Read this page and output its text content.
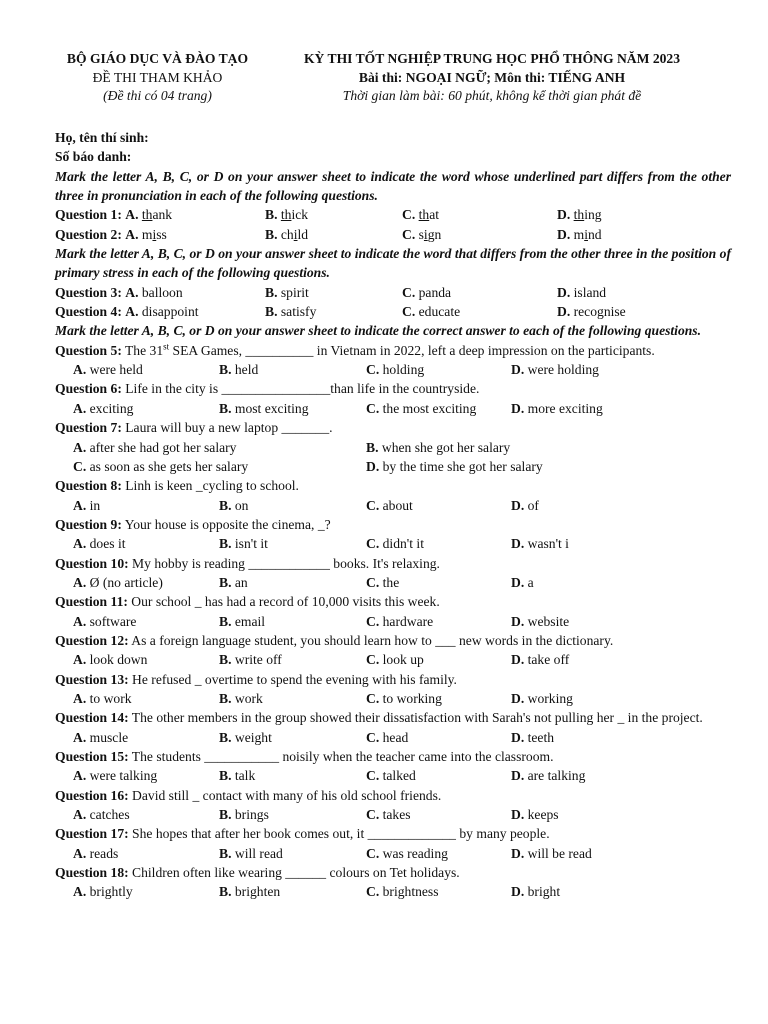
BỘ GIÁO DỤC VÀ ĐÀO TẠO
ĐỀ THI THAM KHẢO
(Đề thi có 04 trang)
KỲ THI TỐT NGHIỆP TRUNG HỌC PHỔ THÔNG NĂM 2023
Bài thi: NGOẠI NGỮ; Môn thi: TIẾNG ANH
Thời gian làm bài: 60 phút, không kể thời gian phát đề
Họ, tên thí sinh:
Số báo danh:
Mark the letter A, B, C, or D on your answer sheet to indicate the word whose underlined part differs from the other three in pronunciation in each of the following questions.
Question 1: A. thank	B. thick	C. that	D. thing
Question 2: A. miss	B. child	C. sign	D. mind
Mark the letter A, B, C, or D on your answer sheet to indicate the word that differs from the other three in the position of primary stress in each of the following questions.
Question 3: A. balloon	B. spirit	C. panda	D. island
Question 4: A. disappoint	B. satisfy	C. educate	D. recognise
Mark the letter A, B, C, or D on your answer sheet to indicate the correct answer to each of the following questions.
Question 5: The 31st SEA Games, __________ in Vietnam in 2022, left a deep impression on the participants.
A. were held	B. held	C. holding	D. were holding
Question 6: Life in the city is ________________than life in the countryside.
A. exciting	B. most exciting	C. the most exciting	D. more exciting
Question 7: Laura will buy a new laptop _______.
A. after she had got her salary	B. when she got her salary
C. as soon as she gets her salary	D. by the time she got her salary
Question 8: Linh is keen _cycling to school.
A. in	B. on	C. about	D. of
Question 9: Your house is opposite the cinema, _?
A. does it	B. isn't it	C. didn't it	D. wasn't i
Question 10: My hobby is reading ____________ books. It's relaxing.
A. Ø (no article)	B. an	C. the	D. a
Question 11: Our school _ has had a record of 10,000 visits this week.
A. software	B. email	C. hardware	D. website
Question 12: As a foreign language student, you should learn how to ___ new words in the dictionary.
A. look down	B. write off	C. look up	D. take off
Question 13: He refused _ overtime to spend the evening with his family.
A. to work	B. work	C. to working	D. working
Question 14: The other members in the group showed their dissatisfaction with Sarah's not pulling her _ in the project.
A. muscle	B. weight	C. head	D. teeth
Question 15: The students ___________ noisily when the teacher came into the classroom.
A. were talking	B. talk	C. talked	D. are talking
Question 16: David still _ contact with many of his old school friends.
A. catches	B. brings	C. takes	D. keeps
Question 17: She hopes that after her book comes out, it _____________ by many people.
A. reads	B. will read	C. was reading	D. will be read
Question 18: Children often like wearing ______ colours on Tet holidays.
A. brightly	B. brighten	C. brightness	D. bright
